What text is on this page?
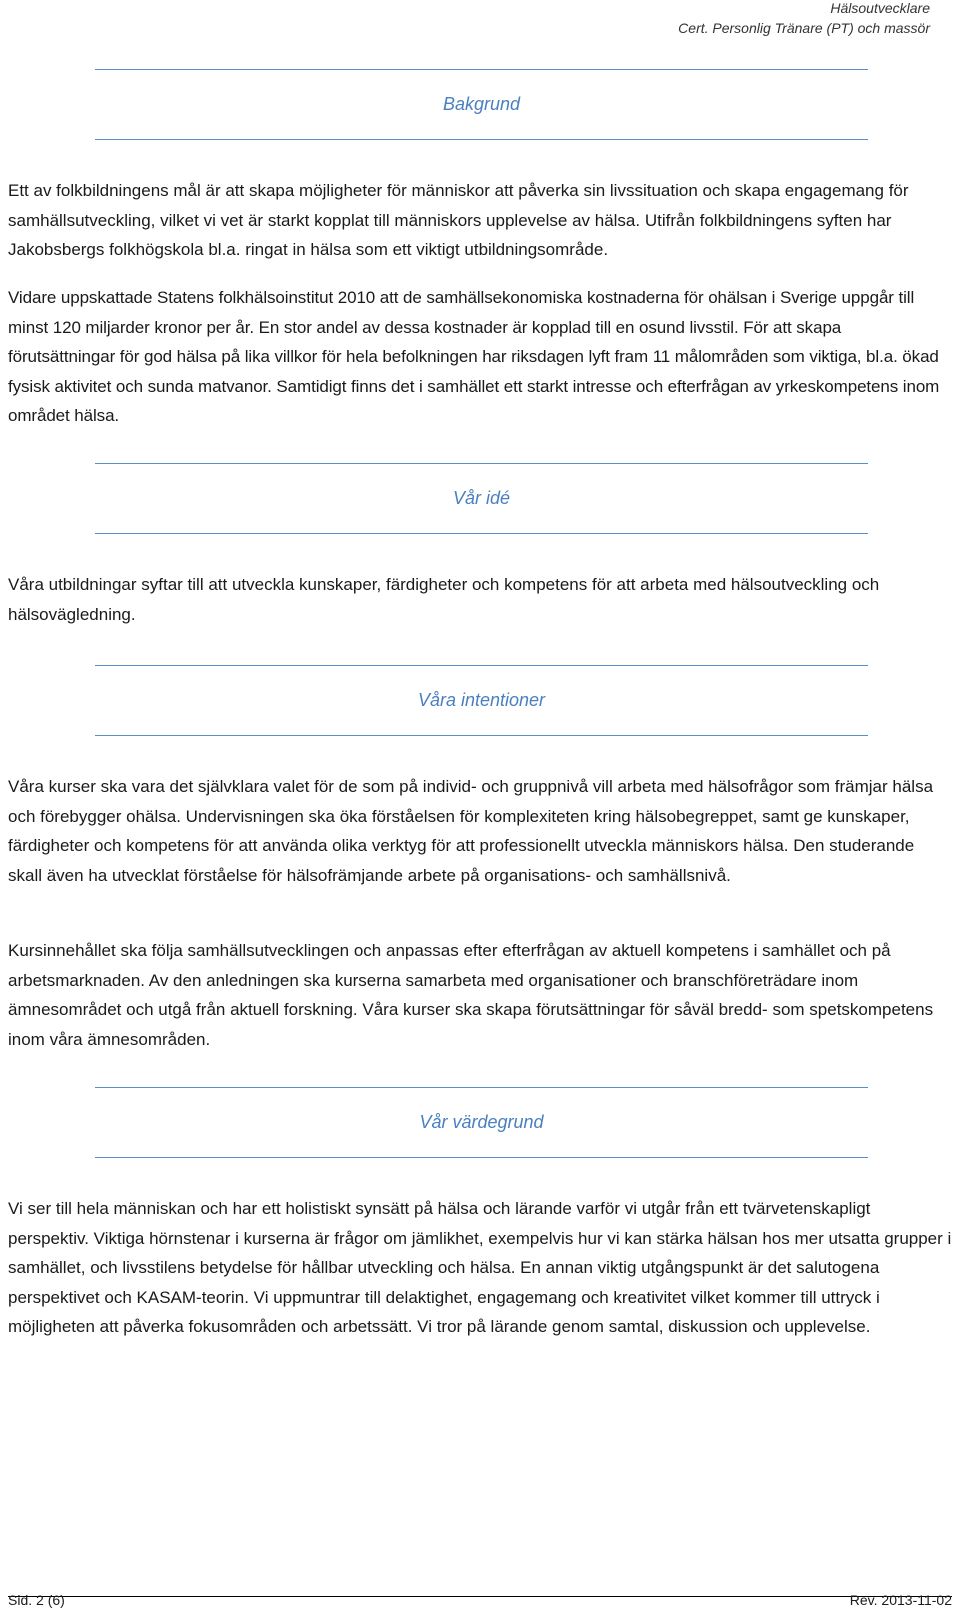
Hälsoutvecklare
Cert. Personlig Tränare (PT) och massör
Bakgrund

Ett av folkbildningens mål är att skapa möjligheter för människor att påverka sin livssituation och skapa engagemang för samhällsutveckling, vilket vi vet är starkt kopplat till människors upplevelse av hälsa. Utifrån folkbildningens syften har Jakobsbergs folkhögskola bl.a. ringat in hälsa som ett viktigt utbildningsområde.

Vidare uppskattade Statens folkhälsoinstitut 2010 att de samhällsekonomiska kostnaderna för ohälsan i Sverige uppgår till minst 120 miljarder kronor per år. En stor andel av dessa kostnader är kopplad till en osund livsstil. För att skapa förutsättningar för god hälsa på lika villkor för hela befolkningen har riksdagen lyft fram 11 målområden som viktiga, bl.a. ökad fysisk aktivitet och sunda matvanor. Samtidigt finns det i samhället ett starkt intresse och efterfrågan av yrkeskompetens inom området hälsa.

Vår idé

Våra utbildningar syftar till att utveckla kunskaper, färdigheter och kompetens för att arbeta med hälsoutveckling och hälsovägledning.

Våra intentioner

Våra kurser ska vara det självklara valet för de som på individ- och gruppnivå vill arbeta med hälsofrågor som främjar hälsa och förebygger ohälsa. Undervisningen ska öka förståelsen för komplexiteten kring hälsobegreppet, samt ge kunskaper, färdigheter och kompetens för att använda olika verktyg för att professionellt utveckla människors hälsa. Den studerande skall även ha utvecklat förståelse för hälsofrämjande arbete på organisations- och samhällsnivå.

Kursinnehållet ska följa samhällsutvecklingen och anpassas efter efterfrågan av aktuell kompetens i samhället och på arbetsmarknaden. Av den anledningen ska kurserna samarbeta med organisationer och branschföreträdare inom ämnesområdet och utgå från aktuell forskning. Våra kurser ska skapa förutsättningar för såväl bredd- som spetskompetens inom våra ämnesområden.

Vår värdegrund

Vi ser till hela människan och har ett holistiskt synsätt på hälsa och lärande varför vi utgår från ett tvärvetenskapligt perspektiv. Viktiga hörnstenar i kurserna är frågor om jämlikhet, exempelvis hur vi kan stärka hälsan hos mer utsatta grupper i samhället, och livsstilens betydelse för hållbar utveckling och hälsa. En annan viktig utgångspunkt är det salutogena perspektivet och KASAM-teorin. Vi uppmuntrar till delaktighet, engagemang och kreativitet vilket kommer till uttryck i möjligheten att påverka fokusområden och arbetssätt. Vi tror på lärande genom samtal, diskussion och upplevelse.

Sid. 2 (6)	Rev. 2013-11-02
